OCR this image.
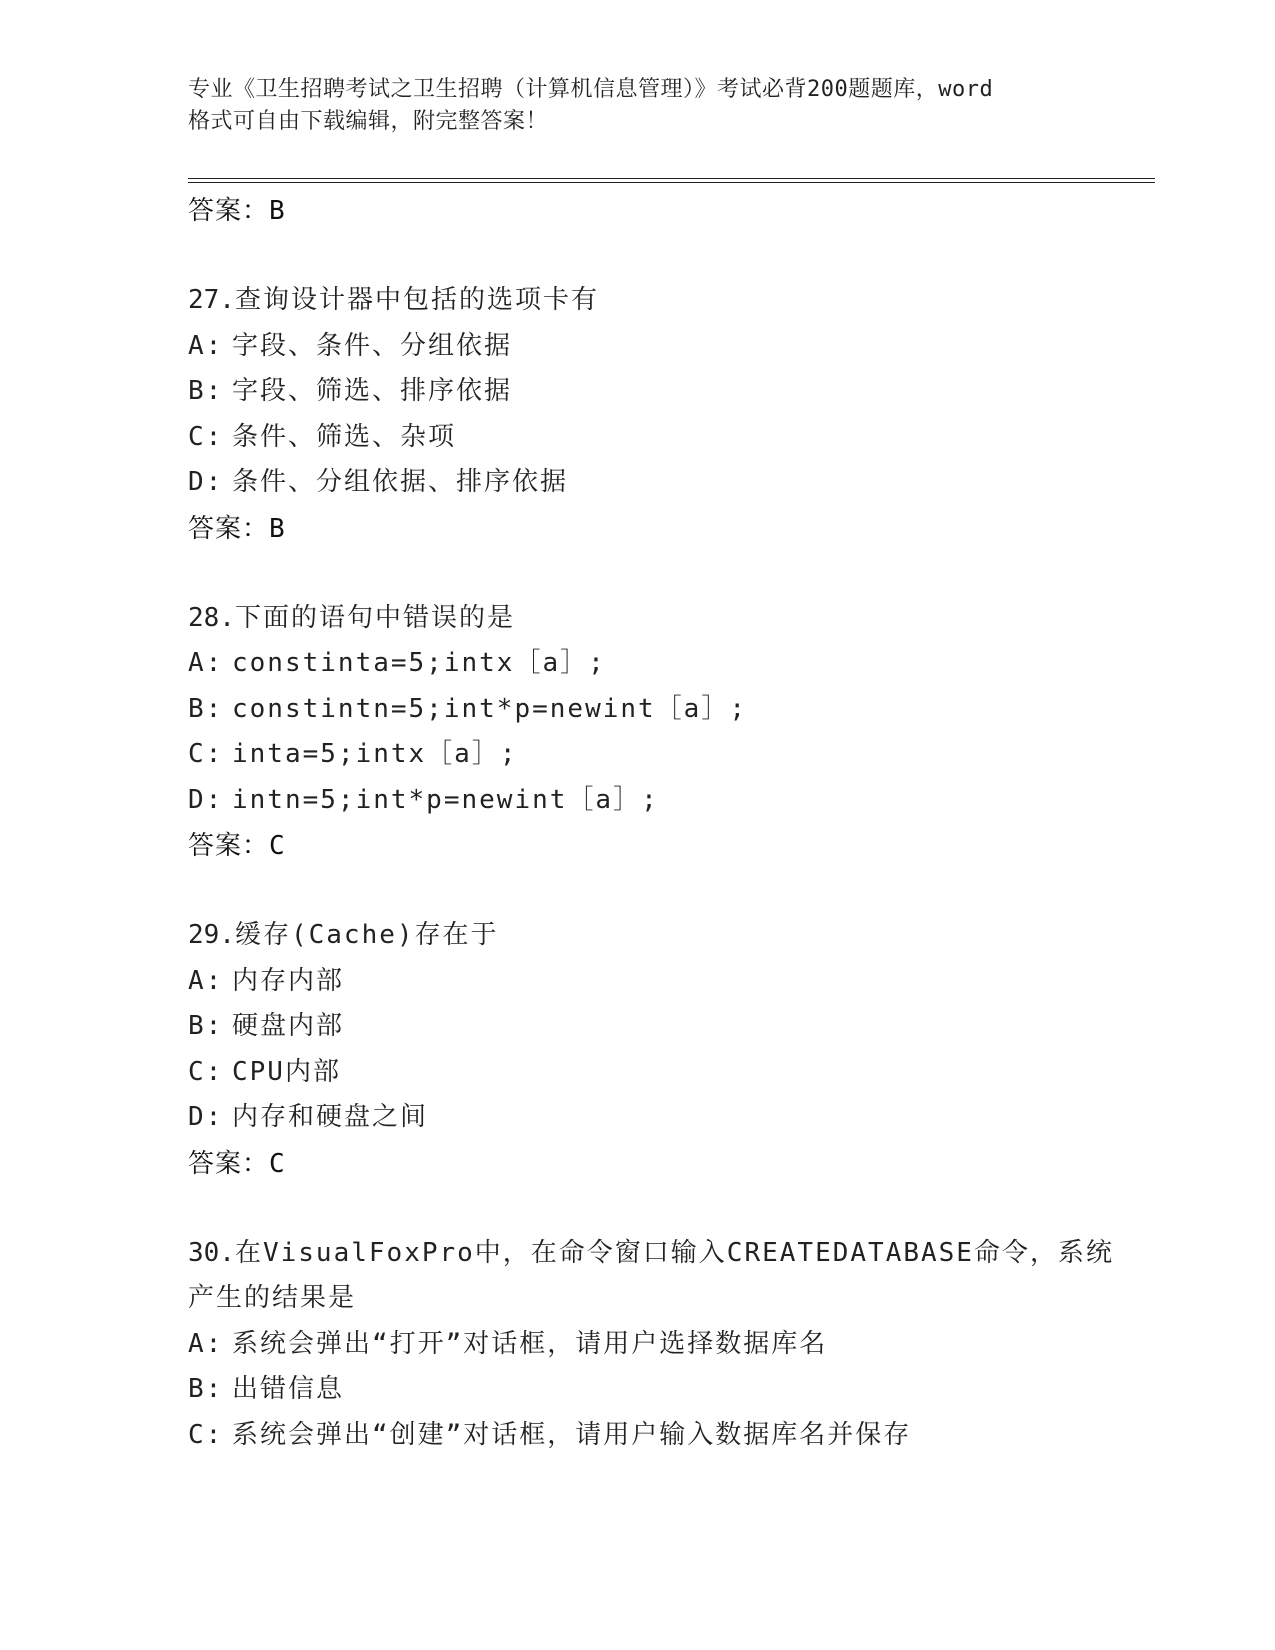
专业《卫生招聘考试之卫生招聘（计算机信息管理）》考试必背200题题库，word
格式可自由下载编辑，附完整答案！
答案：B
27.查询设计器中包括的选项卡有
A: 字段、条件、分组依据
B: 字段、筛选、排序依据
C: 条件、筛选、杂项
D: 条件、分组依据、排序依据
答案：B
28.下面的语句中错误的是
A: constinta=5;intx［a］;
B: constintn=5;int*p=newint［a］;
C: inta=5;intx［a］;
D: intn=5;int*p=newint［a］;
答案：C
29.缓存(Cache)存在于
A: 内存内部
B: 硬盘内部
C: CPU内部
D: 内存和硬盘之间
答案：C
30.在VisualFoxPro中，在命令窗口输入CREATEDATABASE命令，系统
产生的结果是
A: 系统会弹出“打开”对话框，请用户选择数据库名
B: 出错信息
C: 系统会弹出“创建”对话框，请用户输入数据库名并保存
